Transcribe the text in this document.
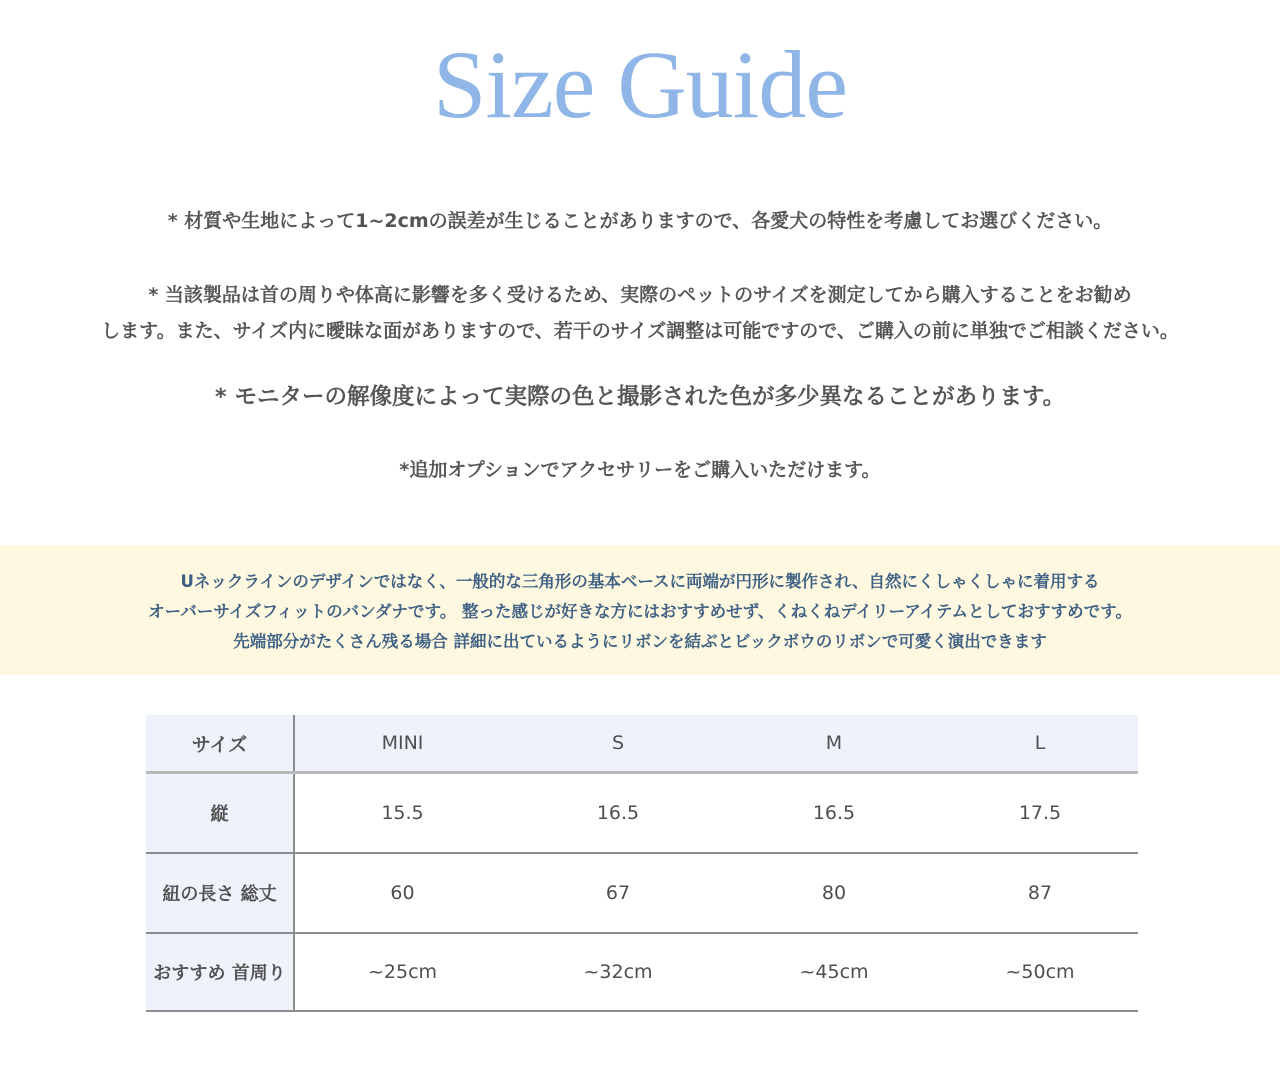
Size Guide
* 材質や生地によって1~2cmの誤差が生じることがありますので、各愛犬の特性を考慮してお選びください。
* 当該製品は首の周りや体高に影響を多く受けるため、実際のペットのサイズを測定してから購入することをお勧め
します。また、サイズ内に曖昧な面がありますので、若干のサイズ調整は可能ですので、ご購入の前に単独でご相談ください。
* モニターの解像度によって実際の色と撮影された色が多少異なることがあります。
*追加オプションでアクセサリーをご購入いただけます。
Uネックラインのデザインではなく、一般的な三角形の基本ベースに両端が円形に製作され、自然にくしゃくしゃに着用する
オーバーサイズフィットのバンダナです。 整った感じが好きな方にはおすすめせず、くねくねデイリーアイテムとしておすすめです。
先端部分がたくさん残る場合 詳細に出ているようにリボンを結ぶとビックボウのリボンで可愛く演出できます
サイズ	MINI	S	M	L
縦	15.5	16.5	16.5	17.5
紐の長さ 総丈	60	67	80	87
おすすめ 首周り	~25cm	~32cm	~45cm	~50cm
